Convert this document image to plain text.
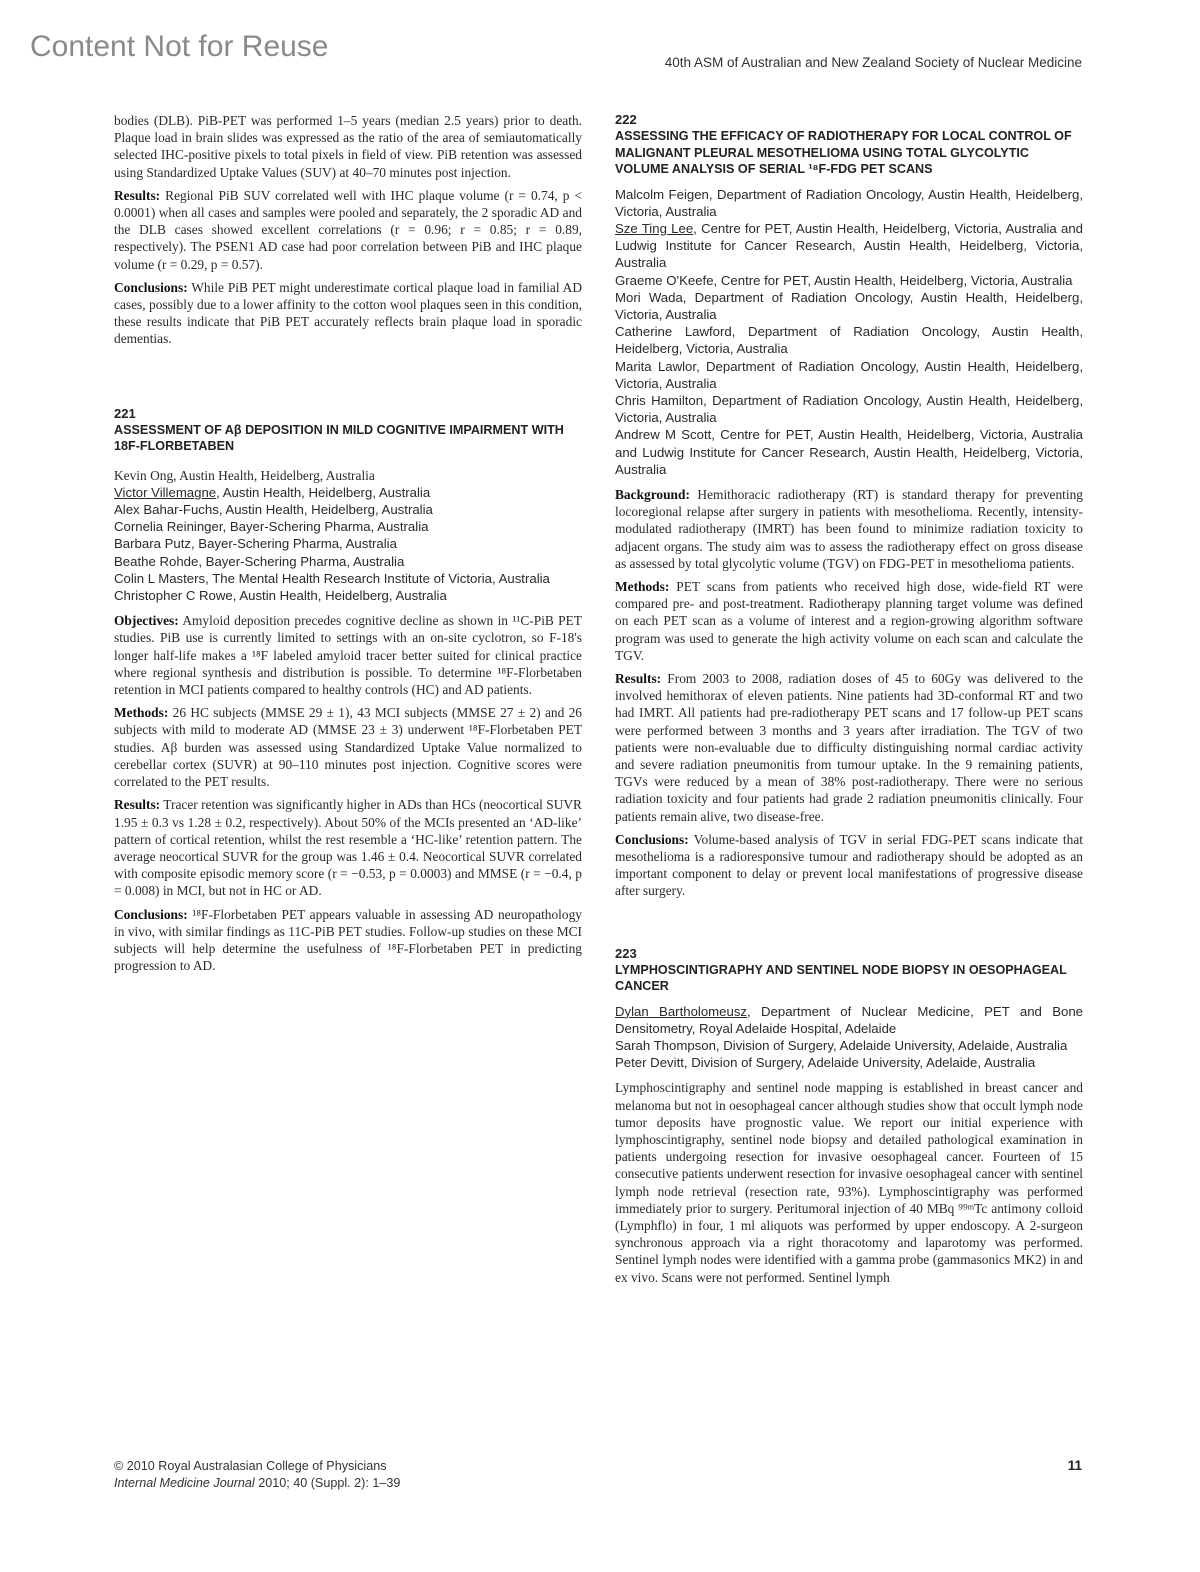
Content Not for Reuse	40th ASM of Australian and New Zealand Society of Nuclear Medicine

bodies (DLB). PiB-PET was performed 1–5 years (median 2.5 years) prior to death. Plaque load in brain slides was expressed as the ratio of the area of semiautomatically selected IHC-positive pixels to total pixels in field of view. PiB retention was assessed using Standardized Uptake Values (SUV) at 40–70 minutes post injection.

Results: Regional PiB SUV correlated well with IHC plaque volume (r = 0.74, p < 0.0001) when all cases and samples were pooled and separately, the 2 sporadic AD and the DLB cases showed excellent correlations (r = 0.96; r = 0.85; r = 0.89, respectively). The PSEN1 AD case had poor correlation between PiB and IHC plaque volume (r = 0.29, p = 0.57).

Conclusions: While PiB PET might underestimate cortical plaque load in familial AD cases, possibly due to a lower affinity to the cotton wool plaques seen in this condition, these results indicate that PiB PET accurately reflects brain plaque load in sporadic dementias.

221

ASSESSMENT OF Aβ DEPOSITION IN MILD COGNITIVE IMPAIRMENT WITH 18F-FLORBETABEN

Kevin Ong, Austin Health, Heidelberg, Australia

Victor Villemagne, Austin Health, Heidelberg, Australia

Alex Bahar-Fuchs, Austin Health, Heidelberg, Australia

Cornelia Reininger, Bayer-Schering Pharma, Australia

Barbara Putz, Bayer-Schering Pharma, Australia

Beathe Rohde, Bayer-Schering Pharma, Australia

Colin L Masters, The Mental Health Research Institute of Victoria, Australia

Christopher C Rowe, Austin Health, Heidelberg, Australia

Objectives: Amyloid deposition precedes cognitive decline as shown in ¹¹C-PiB PET studies. PiB use is currently limited to settings with an on-site cyclotron, so F-18's longer half-life makes a ¹⁸F labeled amyloid tracer better suited for clinical practice where regional synthesis and distribution is possible. To determine ¹⁸F-Florbetaben retention in MCI patients compared to healthy controls (HC) and AD patients.

Methods: 26 HC subjects (MMSE 29 ± 1), 43 MCI subjects (MMSE 27 ± 2) and 26 subjects with mild to moderate AD (MMSE 23 ± 3) underwent ¹⁸F-Florbetaben PET studies. Aβ burden was assessed using Standardized Uptake Value normalized to cerebellar cortex (SUVR) at 90–110 minutes post injection. Cognitive scores were correlated to the PET results.

Results: Tracer retention was significantly higher in ADs than HCs (neocortical SUVR 1.95 ± 0.3 vs 1.28 ± 0.2, respectively). About 50% of the MCIs presented an ‘AD-like’ pattern of cortical retention, whilst the rest resemble a ‘HC-like’ retention pattern. The average neocortical SUVR for the group was 1.46 ± 0.4. Neocortical SUVR correlated with composite episodic memory score (r = −0.53, p = 0.0003) and MMSE (r = −0.4, p = 0.008) in MCI, but not in HC or AD.

Conclusions: ¹⁸F-Florbetaben PET appears valuable in assessing AD neuropathology in vivo, with similar findings as 11C-PiB PET studies. Follow-up studies on these MCI subjects will help determine the usefulness of ¹⁸F-Florbetaben PET in predicting progression to AD.

222

ASSESSING THE EFFICACY OF RADIOTHERAPY FOR LOCAL CONTROL OF MALIGNANT PLEURAL MESOTHELIOMA USING TOTAL GLYCOLYTIC VOLUME ANALYSIS OF SERIAL ¹⁸F-FDG PET SCANS

Malcolm Feigen, Department of Radiation Oncology, Austin Health, Heidelberg, Victoria, Australia

Sze Ting Lee, Centre for PET, Austin Health, Heidelberg, Victoria, Australia and Ludwig Institute for Cancer Research, Austin Health, Heidelberg, Victoria, Australia

Graeme O'Keefe, Centre for PET, Austin Health, Heidelberg, Victoria, Australia

Mori Wada, Department of Radiation Oncology, Austin Health, Heidelberg, Victoria, Australia

Catherine Lawford, Department of Radiation Oncology, Austin Health, Heidelberg, Victoria, Australia

Marita Lawlor, Department of Radiation Oncology, Austin Health, Heidelberg, Victoria, Australia

Chris Hamilton, Department of Radiation Oncology, Austin Health, Heidelberg, Victoria, Australia

Andrew M Scott, Centre for PET, Austin Health, Heidelberg, Victoria, Australia and Ludwig Institute for Cancer Research, Austin Health, Heidelberg, Victoria, Australia

Background: Hemithoracic radiotherapy (RT) is standard therapy for preventing locoregional relapse after surgery in patients with mesothelioma. Recently, intensity-modulated radiotherapy (IMRT) has been found to minimize radiation toxicity to adjacent organs. The study aim was to assess the radiotherapy effect on gross disease as assessed by total glycolytic volume (TGV) on FDG-PET in mesothelioma patients.

Methods: PET scans from patients who received high dose, wide-field RT were compared pre- and post-treatment. Radiotherapy planning target volume was defined on each PET scan as a volume of interest and a region-growing algorithm software program was used to generate the high activity volume on each scan and calculate the TGV.

Results: From 2003 to 2008, radiation doses of 45 to 60Gy was delivered to the involved hemithorax of eleven patients. Nine patients had 3D-conformal RT and two had IMRT. All patients had pre-radiotherapy PET scans and 17 follow-up PET scans were performed between 3 months and 3 years after irradiation. The TGV of two patients were non-evaluable due to difficulty distinguishing normal cardiac activity and severe radiation pneumonitis from tumour uptake. In the 9 remaining patients, TGVs were reduced by a mean of 38% post-radiotherapy. There were no serious radiation toxicity and four patients had grade 2 radiation pneumonitis clinically. Four patients remain alive, two disease-free.

Conclusions: Volume-based analysis of TGV in serial FDG-PET scans indicate that mesothelioma is a radioresponsive tumour and radiotherapy should be adopted as an important component to delay or prevent local manifestations of progressive disease after surgery.

223

LYMPHOSCINTIGRAPHY AND SENTINEL NODE BIOPSY IN OESOPHAGEAL CANCER

Dylan Bartholomeusz, Department of Nuclear Medicine, PET and Bone Densitometry, Royal Adelaide Hospital, Adelaide

Sarah Thompson, Division of Surgery, Adelaide University, Adelaide, Australia

Peter Devitt, Division of Surgery, Adelaide University, Adelaide, Australia

Lymphoscintigraphy and sentinel node mapping is established in breast cancer and melanoma but not in oesophageal cancer although studies show that occult lymph node tumor deposits have prognostic value. We report our initial experience with lymphoscintigraphy, sentinel node biopsy and detailed pathological examination in patients undergoing resection for invasive oesophageal cancer. Fourteen of 15 consecutive patients underwent resection for invasive oesophageal cancer with sentinel lymph node retrieval (resection rate, 93%). Lymphoscintigraphy was performed immediately prior to surgery. Peritumoral injection of 40 MBq ⁹⁹ᵐTc antimony colloid (Lymphflo) in four, 1 ml aliquots was performed by upper endoscopy. A 2-surgeon synchronous approach via a right thoracotomy and laparotomy was performed. Sentinel lymph nodes were identified with a gamma probe (gammasonics MK2) in and ex vivo. Scans were not performed. Sentinel lymph

© 2010 Royal Australasian College of Physicians
Internal Medicine Journal 2010; 40 (Suppl. 2): 1–39
11
